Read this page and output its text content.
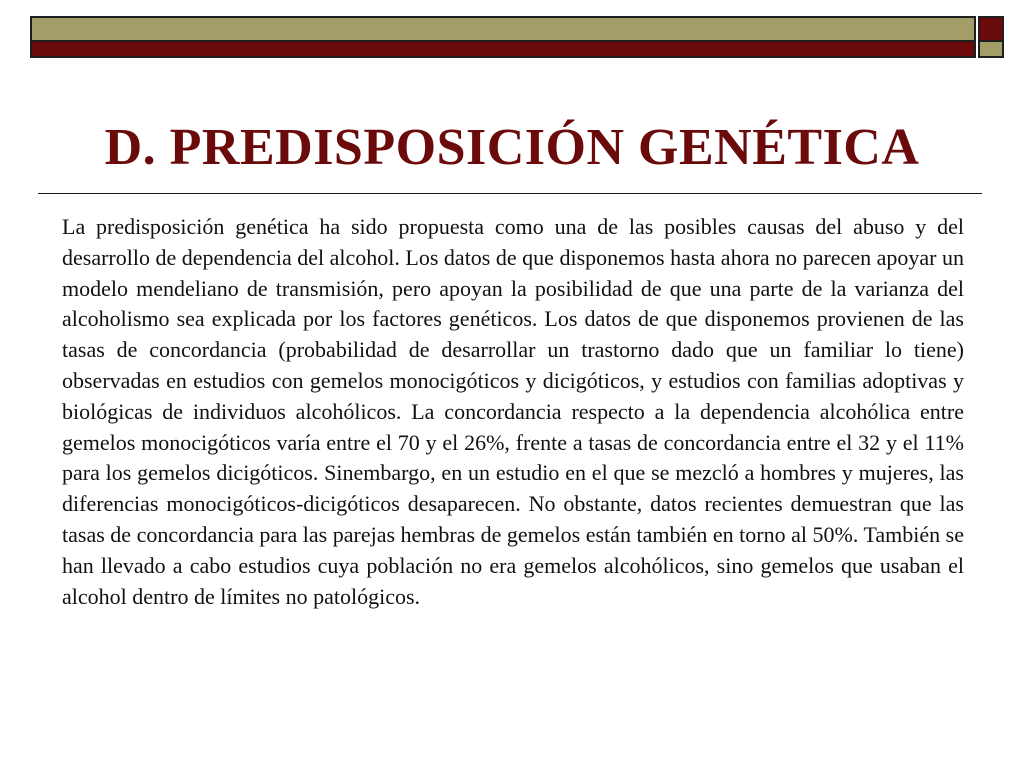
D. PREDISPOSICIÓN GENÉTICA

La predisposición genética ha sido propuesta como una de las posibles causas del abuso y del desarrollo de dependencia del alcohol. Los datos de que disponemos hasta ahora no parecen apoyar un modelo mendeliano de transmisión, pero apoyan la posibilidad de que una parte de la varianza del alcoholismo sea explicada por los factores genéticos. Los datos de que disponemos provienen de las tasas de concordancia (probabilidad de desarrollar un trastorno dado que un familiar lo tiene) observadas en estudios con gemelos monocigóticos y dicigóticos, y estudios con familias adoptivas y biológicas de individuos alcohólicos. La concordancia respecto a la dependencia alcohólica entre gemelos monocigóticos varía entre el 70 y el 26%, frente a tasas de concordancia entre el 32 y el 11% para los gemelos dicigóticos. Sinembargo, en un estudio en el que se mezcló a hombres y mujeres, las diferencias monocigóticos-dicigóticos desaparecen. No obstante, datos recientes demuestran que las tasas de concordancia para las parejas hembras de gemelos están también en torno al 50%. También se han llevado a cabo estudios cuya población no era gemelos alcohólicos, sino gemelos que usaban el alcohol dentro de límites no patológicos.
